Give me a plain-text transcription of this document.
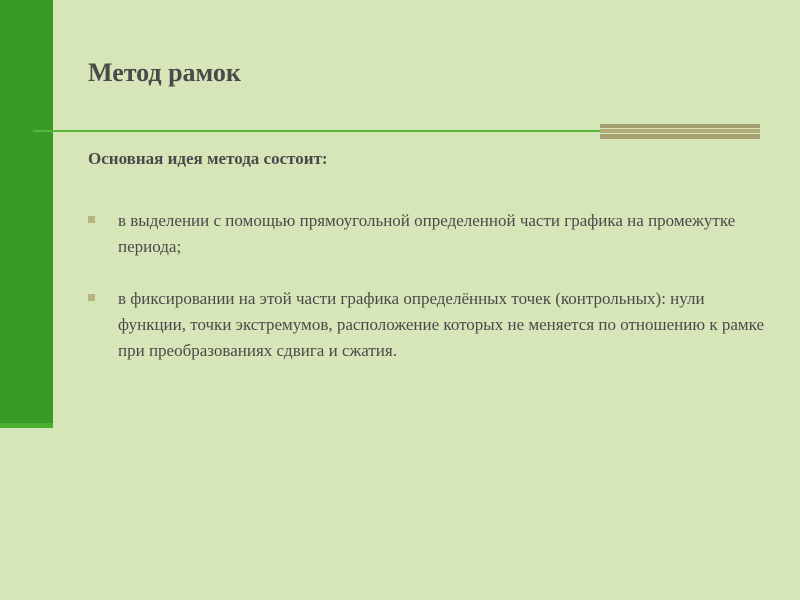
Метод рамок

Основная идея метода состоит:

в выделении с помощью прямоугольной определенной части графика на промежутке периода;
в фиксировании на этой части графика определённых точек (контрольных): нули функции, точки экстремумов, расположение которых не меняется по отношению к рамке при преобразованиях сдвига и сжатия.
